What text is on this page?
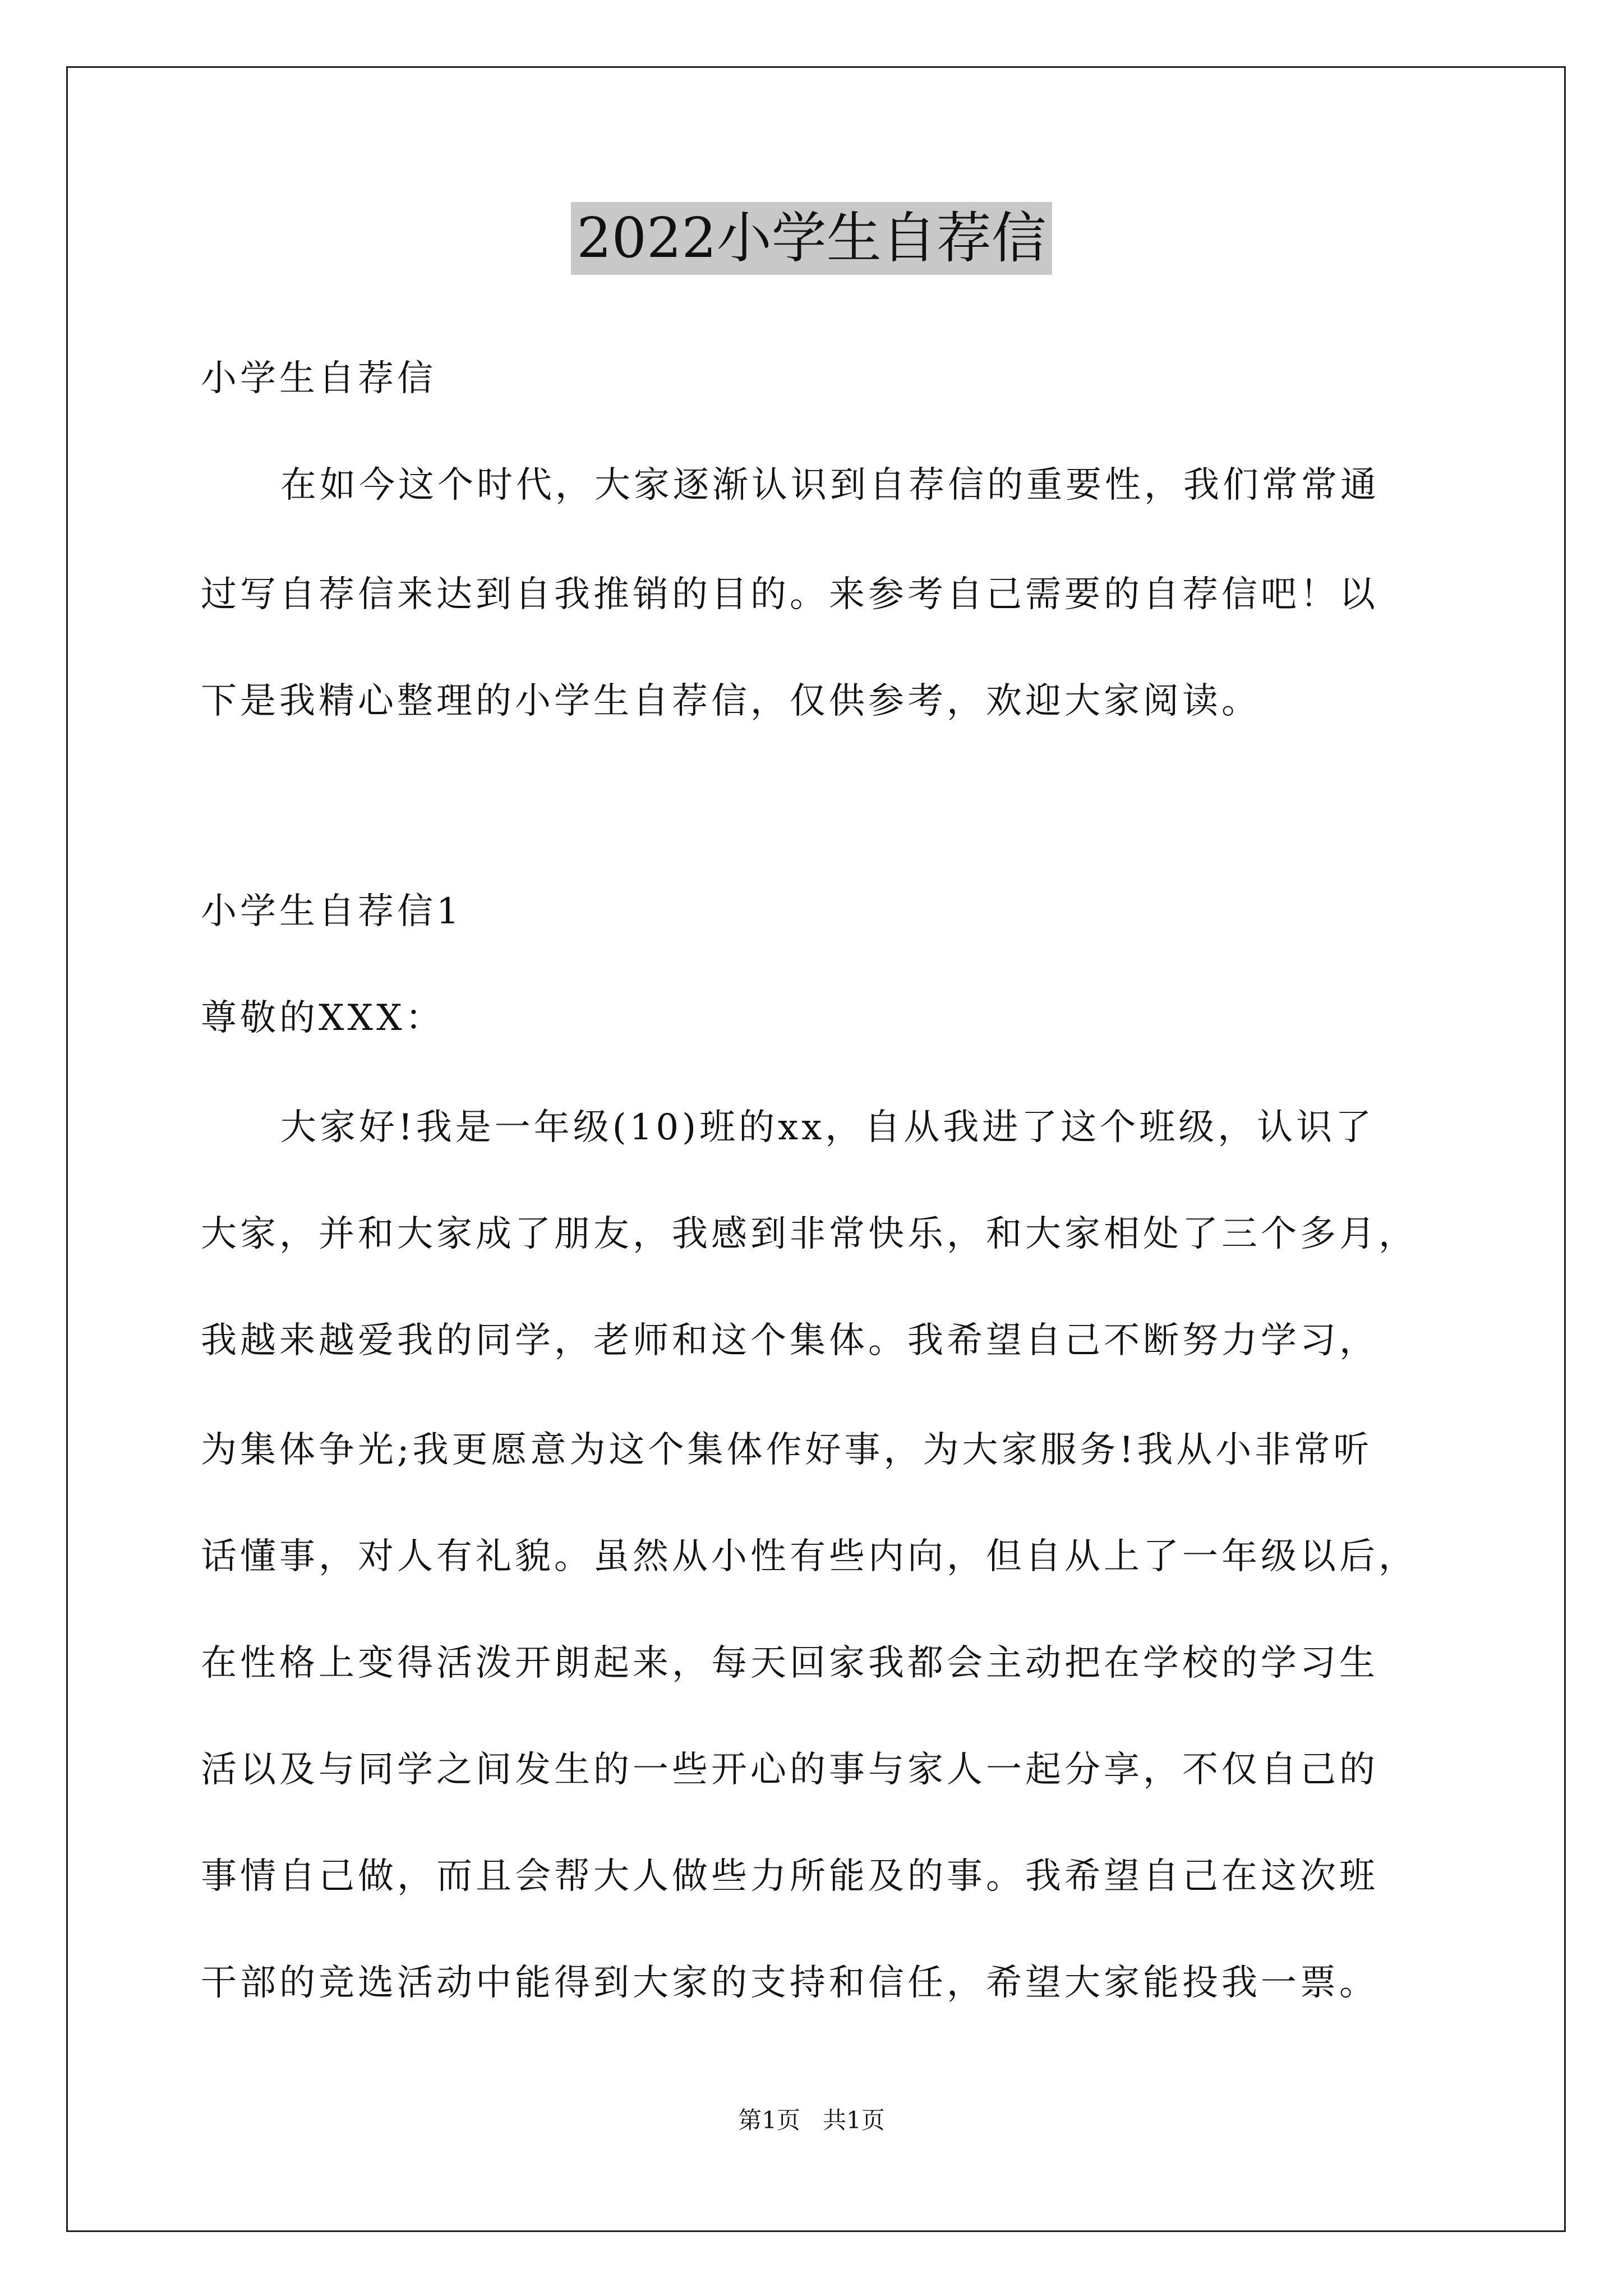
2022小学生自荐信
小学生自荐信
在如今这个时代，大家逐渐认识到自荐信的重要性，我们常常通
过写自荐信来达到自我推销的目的。来参考自己需要的自荐信吧！以
下是我精心整理的小学生自荐信，仅供参考，欢迎大家阅读。
小学生自荐信1
尊敬的XXX：
大家好!我是一年级(10)班的xx，自从我进了这个班级，认识了
大家，并和大家成了朋友，我感到非常快乐，和大家相处了三个多月，
我越来越爱我的同学，老师和这个集体。我希望自己不断努力学习，
为集体争光;我更愿意为这个集体作好事，为大家服务!我从小非常听
话懂事，对人有礼貌。虽然从小性有些内向，但自从上了一年级以后，
在性格上变得活泼开朗起来，每天回家我都会主动把在学校的学习生
活以及与同学之间发生的一些开心的事与家人一起分享，不仅自己的
事情自己做，而且会帮大人做些力所能及的事。我希望自己在这次班
干部的竞选活动中能得到大家的支持和信任，希望大家能投我一票。
第1页   共1页
